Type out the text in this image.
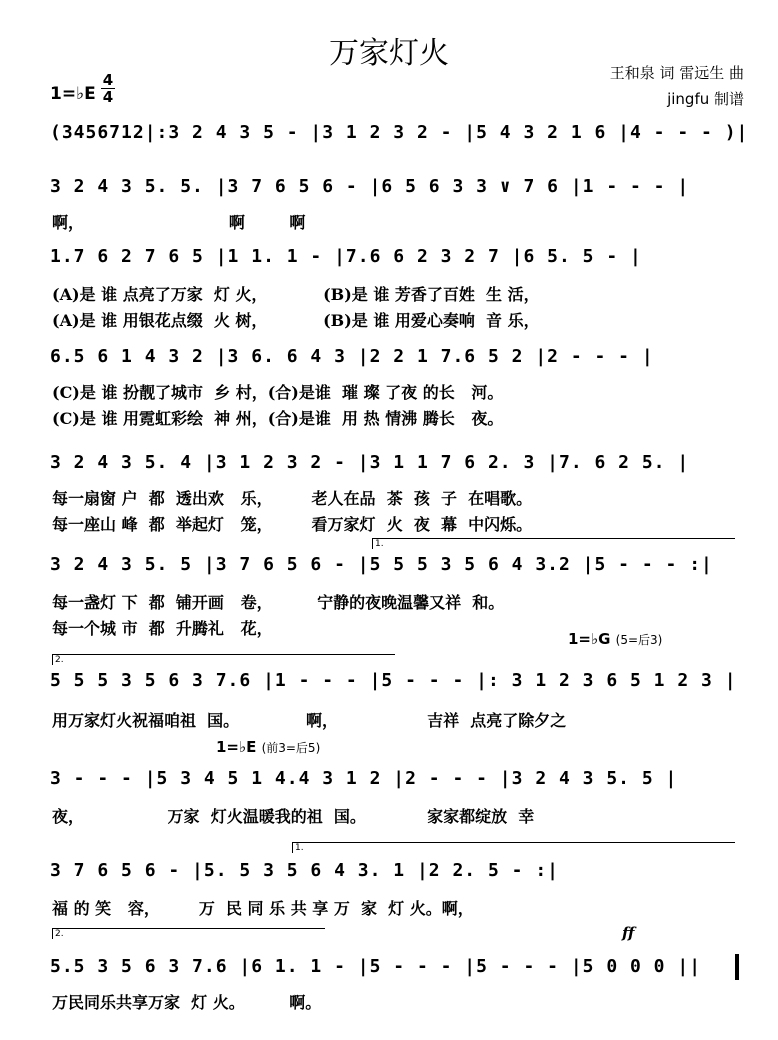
万家灯火
王和泉 词 雷远生 曲
jingfu 制谱
1=♭E
4
4
(3456712|:3 2 4 3 5 - |3 1 2 3 2 - |5 4 3 2 1 6 |4 - - - )|
3 2 4 3 5. 5. |3 7 6 5 6 - |6 5 6 3 3 ∨ 7 6 |1 - - - |
啊，                          啊        啊
1.7 6 2 7 6 5 |1 1. 1 - |7.6 6 2 3 2 7 |6 5. 5 - |
(A)是 谁 点亮了万家  灯 火，          (B)是 谁 芳香了百姓  生 活，
(A)是 谁 用银花点缀  火 树，          (B)是 谁 用爱心奏响  音 乐，
6.5 6 1 4 3 2 |3 6. 6 4 3 |2 2 1 7.6 5 2 |2 - - - |
(C)是 谁 扮靓了城市  乡 村，(合)是谁  璀 璨 了夜 的长   河。
(C)是 谁 用霓虹彩绘  神 州，(合)是谁  用 热 情沸 腾长   夜。
3 2 4 3 5. 4 |3 1 2 3 2 - |3 1 1 7 6 2. 3 |7. 6 2 5. |
每一扇窗 户  都  透出欢   乐，       老人在品  茶  孩  子  在唱歌。
每一座山 峰  都  举起灯   笼，       看万家灯  火  夜  幕  中闪烁。
1.
3 2 4 3 5. 5 |3 7 6 5 6 - |5 5 5 3 5 6 4 3.2 |5 - - - :|
每一盏灯 下  都  铺开画   卷，        宁静的夜晚温馨又祥  和。
每一个城 市  都  升腾礼   花，
1=♭G (5=后3)
2.
5 5 5 3 5 6 3 7.6 |1 - - - |5 - - - |: 3 1 2 3 6 5 1 2 3 |
用万家灯火祝福咱祖  国。            啊，                吉祥  点亮了除夕之
1=♭E (前3=后5)
3 - - - |5 3 4 5 1 4.4 3 1 2 |2 - - - |3 2 4 3 5. 5 |
夜，               万家  灯火温暖我的祖  国。           家家都绽放  幸
1.
3 7 6 5 6 - |5. 5 3 5 6 4 3. 1 |2 2. 5 - :|
福 的 笑   容，       万  民 同 乐 共 享 万  家  灯 火。啊，
2.	ff
5.5 3 5 6 3 7.6 |6 1. 1 - |5 - - - |5 - - - |5 0 0 0 ||
万民同乐共享万家  灯 火。        啊。
